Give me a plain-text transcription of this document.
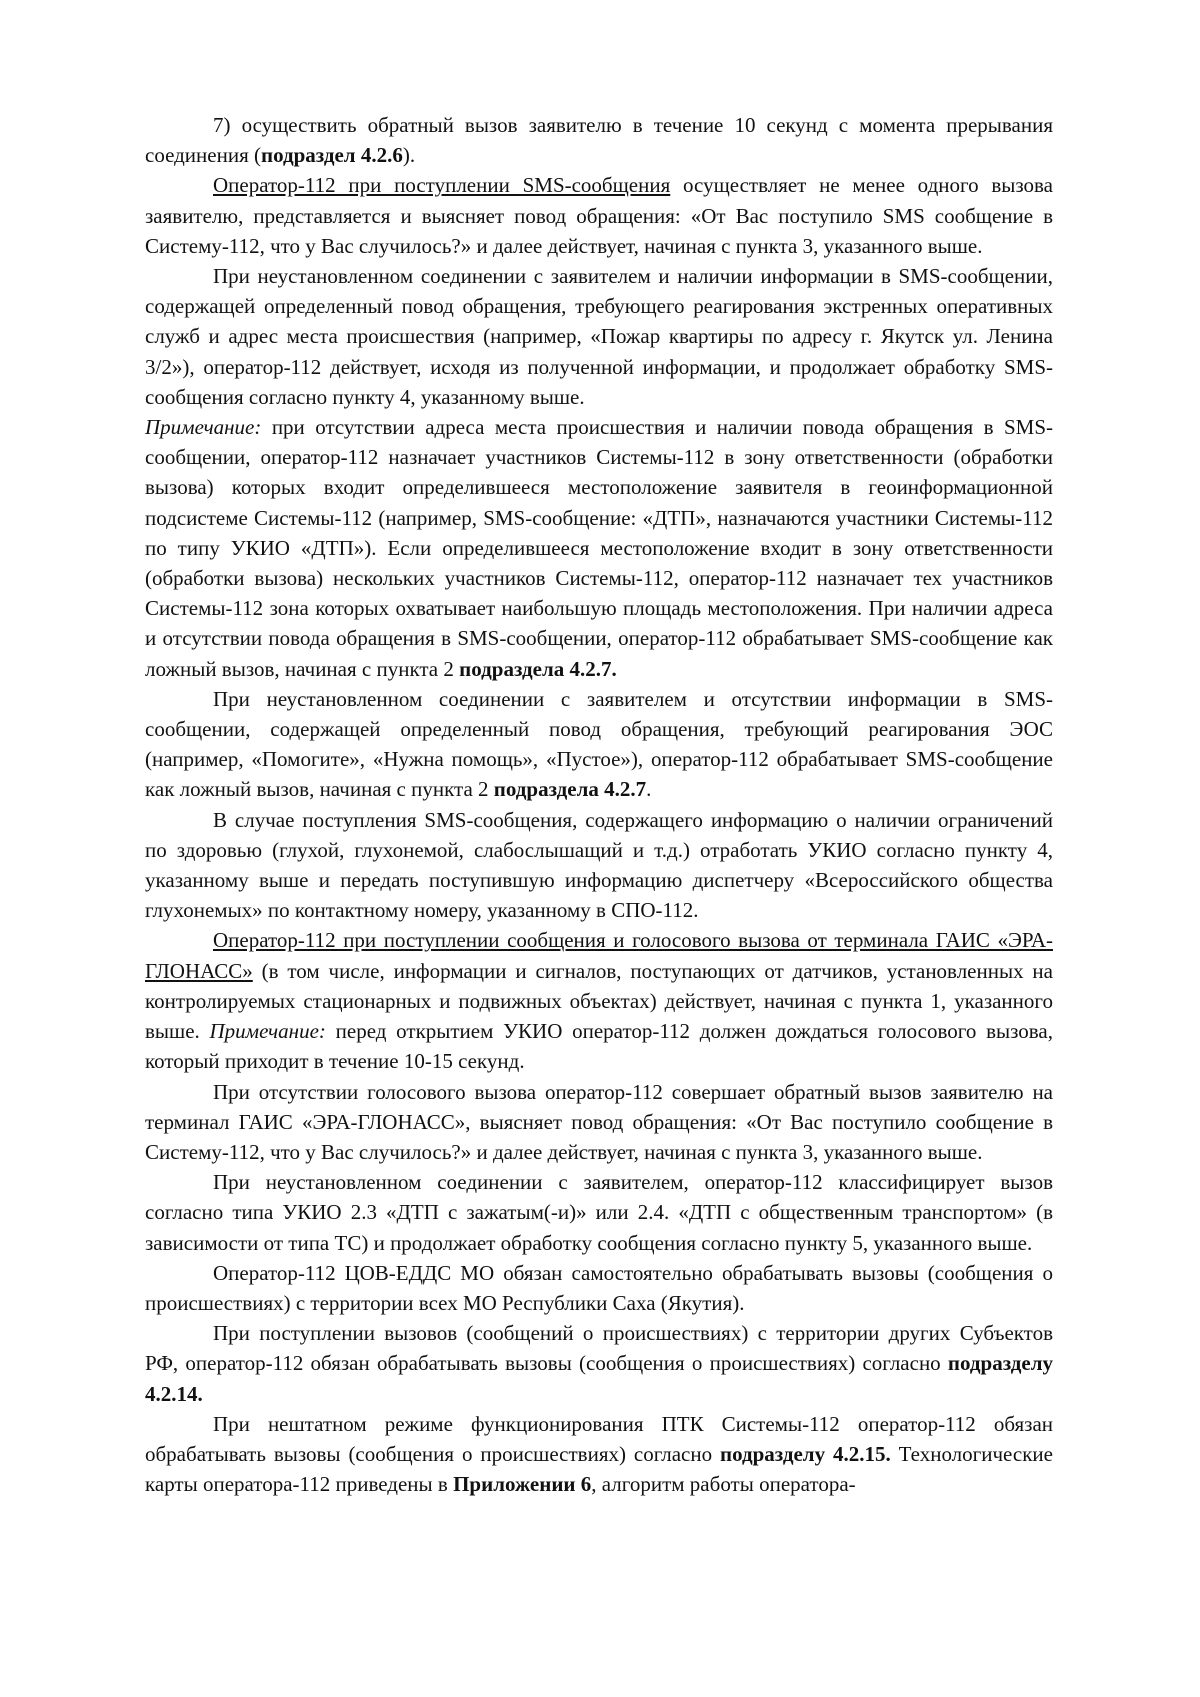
7) осуществить обратный вызов заявителю в течение 10 секунд с момента прерывания соединения (подраздел 4.2.6).

Оператор-112 при поступлении SMS-сообщения осуществляет не менее одного вызова заявителю, представляется и выясняет повод обращения: «От Вас поступило SMS сообщение в Систему-112, что у Вас случилось?» и далее действует, начиная с пункта 3, указанного выше.

При неустановленном соединении с заявителем и наличии информации в SMS-сообщении, содержащей определенный повод обращения, требующего реагирования экстренных оперативных служб и адрес места происшествия (например, «Пожар квартиры по адресу г. Якутск ул. Ленина 3/2»), оператор-112 действует, исходя из полученной информации, и продолжает обработку SMS-сообщения согласно пункту 4, указанному выше.

Примечание: при отсутствии адреса места происшествия и наличии повода обращения в SMS-сообщении, оператор-112 назначает участников Системы-112 в зону ответственности (обработки вызова) которых входит определившееся местоположение заявителя в геоинформационной подсистеме Системы-112 (например, SMS-сообщение: «ДТП», назначаются участники Системы-112 по типу УКИО «ДТП»). Если определившееся местоположение входит в зону ответственности (обработки вызова) нескольких участников Системы-112, оператор-112 назначает тех участников Системы-112 зона которых охватывает наибольшую площадь местоположения. При наличии адреса и отсутствии повода обращения в SMS-сообщении, оператор-112 обрабатывает SMS-сообщение как ложный вызов, начиная с пункта 2 подраздела 4.2.7.

При неустановленном соединении с заявителем и отсутствии информации в SMS-сообщении, содержащей определенный повод обращения, требующий реагирования ЭОС (например, «Помогите», «Нужна помощь», «Пустое»), оператор-112 обрабатывает SMS-сообщение как ложный вызов, начиная с пункта 2 подраздела 4.2.7.

В случае поступления SMS-сообщения, содержащего информацию о наличии ограничений по здоровью (глухой, глухонемой, слабослышащий и т.д.) отработать УКИО согласно пункту 4, указанному выше и передать поступившую информацию диспетчеру «Всероссийского общества глухонемых» по контактному номеру, указанному в СПО-112.

Оператор-112 при поступлении сообщения и голосового вызова от терминала ГАИС «ЭРА-ГЛОНАСС» (в том числе, информации и сигналов, поступающих от датчиков, установленных на контролируемых стационарных и подвижных объектах) действует, начиная с пункта 1, указанного выше. Примечание: перед открытием УКИО оператор-112 должен дождаться голосового вызова, который приходит в течение 10-15 секунд.

При отсутствии голосового вызова оператор-112 совершает обратный вызов заявителю на терминал ГАИС «ЭРА-ГЛОНАСС», выясняет повод обращения: «От Вас поступило сообщение в Систему-112, что у Вас случилось?» и далее действует, начиная с пункта 3, указанного выше.

При неустановленном соединении с заявителем, оператор-112 классифицирует вызов согласно типа УКИО 2.3 «ДТП с зажатым(-и)» или 2.4. «ДТП с общественным транспортом» (в зависимости от типа ТС) и продолжает обработку сообщения согласно пункту 5, указанного выше.

Оператор-112 ЦОВ-ЕДДС МО обязан самостоятельно обрабатывать вызовы (сообщения о происшествиях) с территории всех МО Республики Саха (Якутия).

При поступлении вызовов (сообщений о происшествиях) с территории других Субъектов РФ, оператор-112 обязан обрабатывать вызовы (сообщения о происшествиях) согласно подразделу 4.2.14.

При нештатном режиме функционирования ПТК Системы-112 оператор-112 обязан обрабатывать вызовы (сообщения о происшествиях) согласно подразделу 4.2.15. Технологические карты оператора-112 приведены в Приложении 6, алгоритм работы оператора-
